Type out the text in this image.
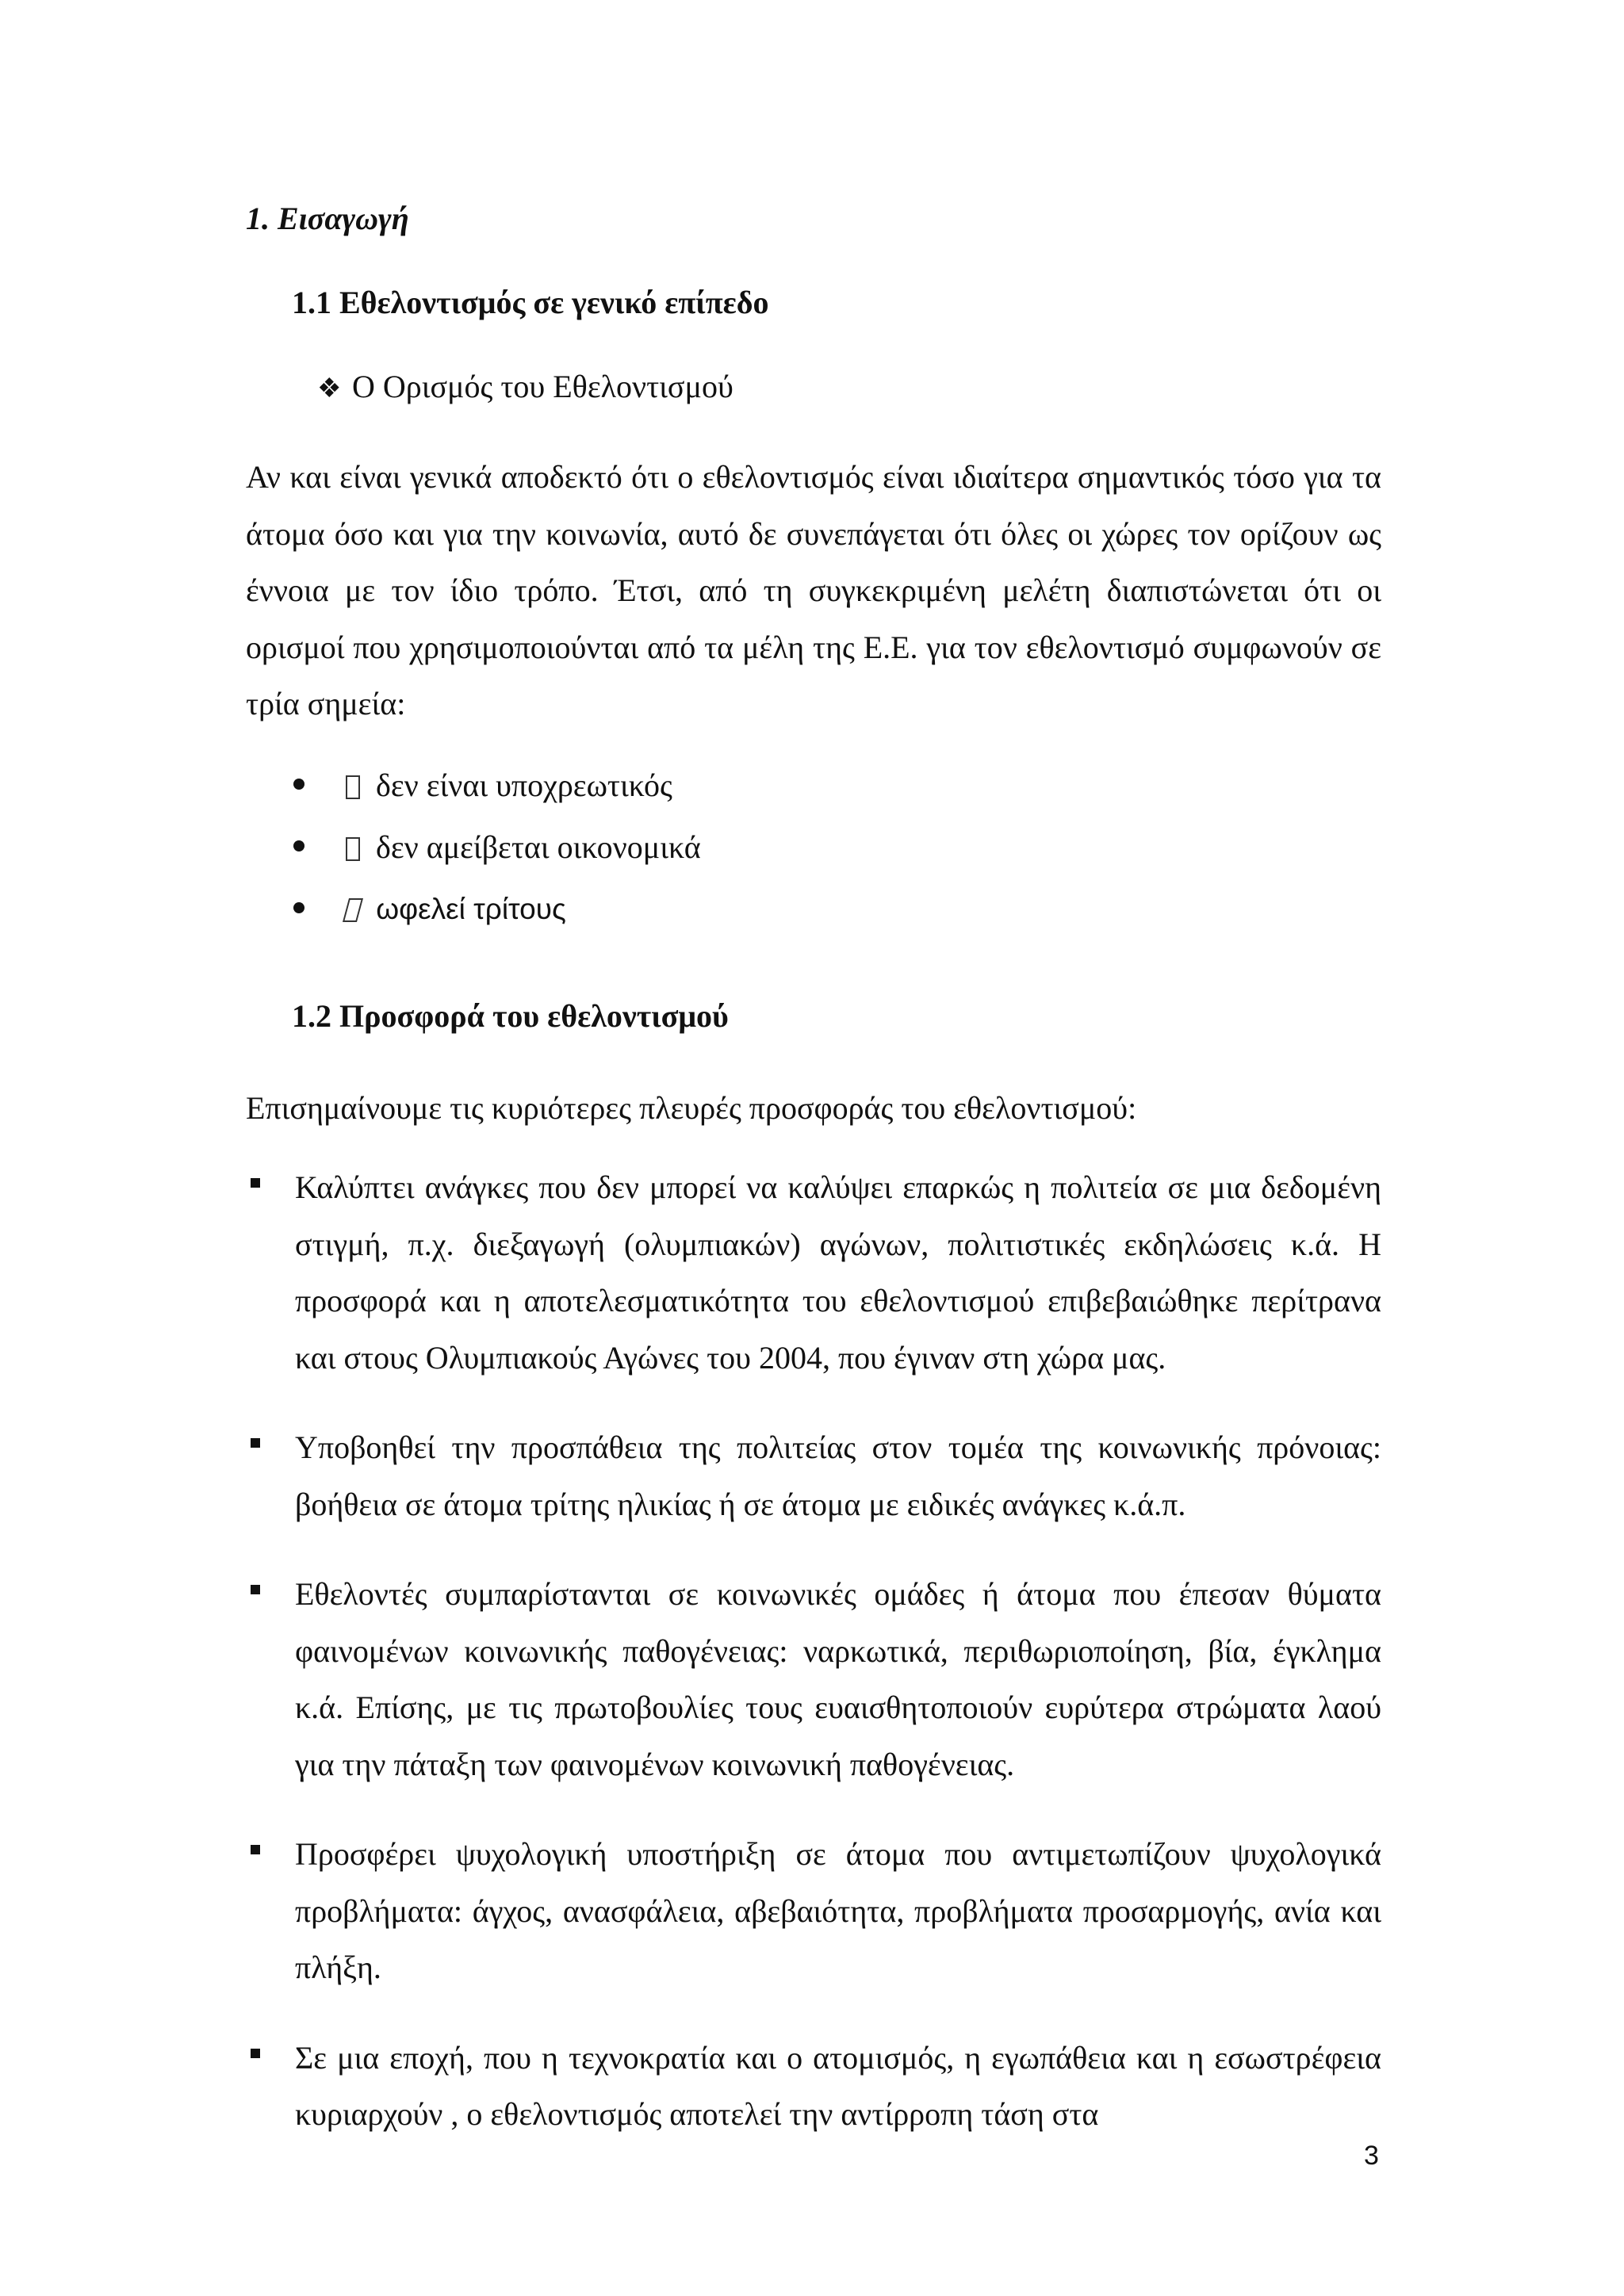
1. Εισαγωγή
1.1 Εθελοντισμός σε γενικό επίπεδο

❖ Ο Ορισμός του Εθελοντισμού

Αν και είναι γενικά αποδεκτό ότι ο εθελοντισμός είναι ιδιαίτερα σημαντικός τόσο για τα άτομα όσο και για την κοινωνία, αυτό δε συνεπάγεται ότι όλες οι χώρες τον ορίζουν ως έννοια με τον ίδιο τρόπο. Έτσι, από τη συγκεκριμένη μελέτη διαπιστώνεται ότι οι ορισμοί που χρησιμοποιούνται από τα μέλη της Ε.Ε. για τον εθελοντισμό συμφωνούν σε τρία σημεία:

δεν είναι υποχρεωτικός
δεν αμείβεται οικονομικά
ωφελεί τρίτους
1.2 Προσφορά του εθελοντισμού

Επισημαίνουμε τις κυριότερες πλευρές προσφοράς του εθελοντισμού:

Καλύπτει ανάγκες που δεν μπορεί να καλύψει επαρκώς η πολιτεία σε μια δεδομένη στιγμή, π.χ. διεξαγωγή (ολυμπιακών) αγώνων, πολιτιστικές εκδηλώσεις κ.ά. Η προσφορά και η αποτελεσματικότητα του εθελοντισμού επιβεβαιώθηκε περίτρανα και στους Ολυμπιακούς Αγώνες του 2004, που έγιναν στη χώρα μας.
Υποβοηθεί την προσπάθεια της πολιτείας στον τομέα της κοινωνικής πρόνοιας: βοήθεια σε άτομα τρίτης ηλικίας ή σε άτομα με ειδικές ανάγκες κ.ά.π.
Εθελοντές συμπαρίστανται σε κοινωνικές ομάδες ή άτομα που έπεσαν θύματα φαινομένων κοινωνικής παθογένειας: ναρκωτικά, περιθωριοποίηση, βία, έγκλημα κ.ά. Επίσης, με τις πρωτοβουλίες τους ευαισθητοποιούν ευρύτερα στρώματα λαού για την πάταξη των φαινομένων κοινωνική παθογένειας.
Προσφέρει ψυχολογική υποστήριξη σε άτομα που αντιμετωπίζουν ψυχολογικά προβλήματα: άγχος, ανασφάλεια, αβεβαιότητα, προβλήματα προσαρμογής, ανία και πλήξη.
Σε μια εποχή, που η τεχνοκρατία και ο ατομισμός, η εγωπάθεια και η εσωστρέφεια κυριαρχούν , ο εθελοντισμός αποτελεί την αντίρροπη τάση στα

3
